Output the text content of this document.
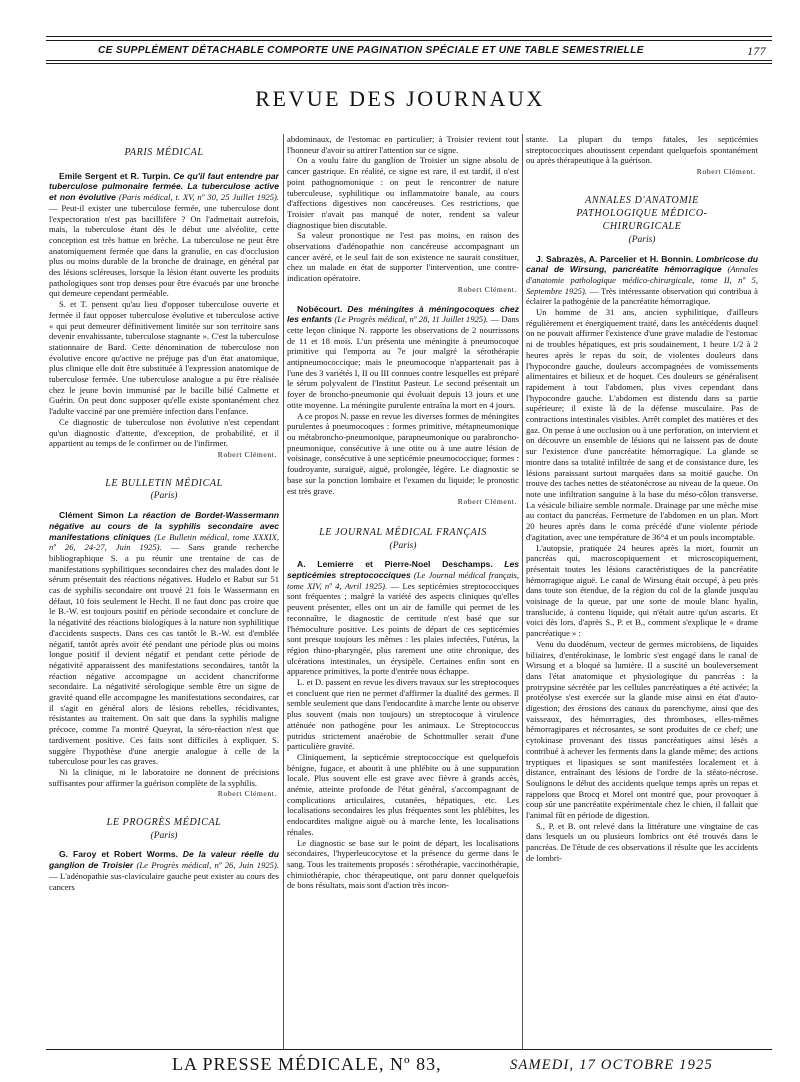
CE SUPPLÉMENT DÉTACHABLE COMPORTE UNE PAGINATION SPÉCIALE ET UNE TABLE SEMESTRIELLE	177
REVUE DES JOURNAUX
PARIS MÉDICAL

Emile Sergent et R. Turpin. Ce qu'il faut entendre par tuberculose pulmonaire fermée. La tuberculose active et non évolutive (Paris médical, t. XV, nº 30, 25 Juillet 1925). — Peut-il exister une tuberculose fermée, une tuberculose dont l'expectoration n'est pas bacillifère ? On l'admettait autrefois, mais, la tuberculose étant dès le début une alvéolite, cette conception est très battue en brèche. La tuberculose ne peut être anatomiquement fermée que dans la granulie, en cas d'occlusion plus ou moins durable de la bronche de drainage, en général par des lésions scléreuses, lorsque la lésion étant ouverte les produits pathologiques sont trop denses pour être évacués par une bronche qui demeure cependant perméable.

S. et T. pensent qu'au lieu d'opposer tuberculose ouverte et fermée il faut opposer tuberculose évolutive et tuberculose active « qui peut demeurer définitivement limitée sur son territoire sans devenir envahissante, tuberculose stagnante ». C'est la tuberculose stationnaire de Bard. Cette dénomination de tuberculose non évolutive encore qu'active ne préjuge pas d'un état anatomique, plus clinique elle doit être substituée à l'expression anatomique de tuberculose fermée. Une tuberculose analogue a pu être réalisée chez le jeune bovin immunisé par le bacille bilié Calmette et Guérin. On peut donc supposer qu'elle existe spontanément chez l'adulte vacciné par une première infection dans l'enfance.

Ce diagnostic de tuberculose non évolutive n'est cependant qu'un diagnostic d'attente, d'exception, de probabilité, et il appartient au temps de le confirmer ou de l'infirmer.

Robert Clément.

LE BULLETIN MÉDICAL
(Paris)

Clément Simon La réaction de Bordet-Wassermann négative au cours de la syphilis secondaire avec manifestations cliniques (Le Bulletin médical, tome XXXIX, nº 26, 24-27, Juin 1925). — Sans grande recherche bibliographique S. a pu réunir une trentaine de cas de manifestations syphilitiques secondaires chez des malades dont le sérum présentait des réactions négatives. Hudelo et Rabut sur 51 cas de syphilis secondaire ont trouvé 21 fois le Wassermann en défaut, 10 fois seulement le Hecht. Il ne faut donc pas croire que le B.-W. est toujours positif en période secondaire et conclure de la négativité des réactions biologiques à la nature non syphilitique d'accidents suspects. Dans ces cas tantôt le B.-W. est d'emblée négatif, tantôt après avoir été pendant une période plus ou moins longue positif il devient négatif et pendant cette période de négativité apparaissent des manifestations secondaires, tantôt la réaction négative accompagne un accident chancriforme secondaire. La négativité sérologique semble être un signe de gravité quand elle accompagne les manifestations secondaires, car il s'agit en général alors de lésions rebelles, récidivantes, résistantes au traitement. On sait que dans la syphilis maligne précoce, comme l'a montré Queyrat, la séro-réaction n'est que tardivement positive. Ces faits sont difficiles à expliquer. S. suggère l'hypothèse d'une anergie analogue à celle de la tuberculose pour les cas graves.

Ni la clinique, ni le laboratoire ne donnent de précisions suffisantes pour affirmer la guérison complète de la syphilis.

Robert Clément.

LE PROGRÈS MÉDICAL
(Paris)

G. Faroy et Robert Worms. De la valeur réelle du ganglion de Troisier (Le Progrès médical, nº 26, Juin 1925). — L'adénopathie sus-claviculaire gauche peut exister au cours des cancers

abdominaux, de l'estomac en particulier; à Troisier revient tout l'honneur d'avoir su attirer l'attention sur ce signe.

On a voulu faire du ganglion de Troisier un signe absolu de cancer gastrique. En réalité, ce signe est rare, il est tardif, il n'est point pathognomonique : on peut le rencontrer de nature tuberculeuse, syphilitique ou inflammatoire banale, au cours d'affections digestives non cancéreuses. Ces restrictions, que Troisier n'avait pas manqué de noter, rendent sa valeur diagnostique bien discutable.

Sa valeur pronostique ne l'est pas moins, en raison des observations d'adénopathie non cancéreuse accompagnant un cancer avéré, et le seul fait de son existence ne saurait constituer, chez un malade en état de supporter l'intervention, une contre-indication opératoire.

Robert Clément.

Nobécourt. Des méningites à méningocoques chez les enfants (Le Progrès médical, nº 28, 11 Juillet 1925). — Dans cette leçon clinique N. rapporte les observations de 2 nourrissons de 11 et 18 mois. L'un présenta une méningite à pneumocoque primitive qui l'emporta au 7e jour malgré la sérothérapie antipneumococcique; mais le pneumocoque n'appartenait pas à l'une des 3 variétés I, II ou III connues contre lesquelles est préparé le sérum polyvalent de l'Institut Pasteur. Le second présentait un foyer de broncho-pneumonie qui évoluait depuis 13 jours et une otite moyenne. La méningite purulente entraîna la mort en 4 jours.

A ce propos N. passe en revue les diverses formes de méningites purulentes à pneumocoques : formes primitive, métapneumonique ou métabroncho-pneumonique, parapneumonique ou parabroncho-pneumonique, consécutive à une otite ou à une autre lésion de voisinage, consécutive à une septicémie pneumococcique; formes : foudroyante, suraiguë, aiguë, prolongée, légère. Le diagnostic se base sur la ponction lombaire et l'examen du liquide; le pronostic est très grave.

Robert Clément.

LE JOURNAL MÉDICAL FRANÇAIS
(Paris)

A. Lemierre et Pierre-Noel Deschamps. Les septicémies streptococciques (Le Journal médical français, tome XIV, nº 4, Avril 1925). — Les septicémies streptococciques sont fréquentes ; malgré la variété des aspects cliniques qu'elles peuvent présenter, elles ont un air de famille qui permet de les reconnaître, le diagnostic de certitude n'est basé que sur l'hémoculture positive. Les points de départ de ces septicémies sont presque toujours les mêmes : les plaies infectées, l'utérus, la région rhino-pharyngée, plus rarement une otite chronique, des ulcérations intestinales, un érysipèle. Certaines enfin sont en apparence primitives, la porte d'entrée nous échappe.

L. et D. passent en revue les divers travaux sur les streptocoques et concluent que rien ne permet d'affirmer la dualité des germes. Il semble seulement que dans l'endocardite à marche lente ou observe plus souvent (mais non toujours) un streptocoque à virulence atténuée non pathogène pour les animaux. Le Streptococcus putridus strictement anaérobie de Schottmuller serait d'une particulière gravité.

Cliniquement, la septicémie streptococcique est quelquefois bénigne, fugace, et aboutit à une phlébite ou à une suppuration locale. Plus souvent elle est grave avec fièvre à grands accès, anémie, atteinte profonde de l'état général, s'accompagnant de complications articulaires, cutanées, hépatiques, etc. Les localisations secondaires les plus fréquentes sont les phlébites, les endocardites maligne aiguë ou à marche lente, les localisations rénales.

Le diagnostic se base sur le point de départ, les localisations secondaires, l'hyperleucocytose et la présence du germe dans le sang. Tous les traitements proposés : sérothérapie, vaccinothérapie, chimiothérapie, choc thérapeutique, ont paru donner quelquefois de bons résultats, mais sont d'action très incon-

stante. La plupart du temps fatales, les septicémies streptococciques aboutissent cependant quelquefois spontanément ou après thérapeutique à la guérison.

Robert Clément.

ANNALES D'ANATOMIE PATHOLOGIQUE MÉDICO-CHIRURGICALE
(Paris)

J. Sabrazès, A. Parcelier et H. Bonnin. Lombricose du canal de Wirsung, pancréatite hémorragique (Annales d'anatomie pathologique médico-chirurgicale, tome II, nº 5, Septembre 1925). — Très intéressante observation qui contribua à éclairer la pathogénie de la pancréatite hémorragique.

Un homme de 31 ans, ancien syphilitique, d'ailleurs régulièrement et énergiquement traité, dans les antécédents duquel on ne pouvait affirmer l'existence d'une grave maladie de l'estomac ni de troubles hépatiques, est pris soudainement, 1 heure 1/2 à 2 heures après le repas du soir, de violentes douleurs dans l'hypocondre gauche, douleurs accompagnées de vomissements alimentaires et bilieux et de hoquet. Ces douleurs se généralisent rapidement à tout l'abdomen, plus vives cependant dans l'hypocondre gauche. L'abdomen est distendu dans sa partie supérieure; il existe là de la défense musculaire. Pas de contractions intestinales visibles. Arrêt complet des matières et des gaz. On pense à une occlusion ou à une perforation, on intervient et on découvre un ensemble de lésions qui ne laissent pas de doute sur l'existence d'une pancréatite hémorragique. La glande se montre dans sa totalité infiltrée de sang et de consistance dure, les lésions paraissant surtout marquées dans sa moitié gauche. On trouve des taches nettes de stéatonécrose au niveau de la queue. On note une infiltration sanguine à la base du méso-côlon transverse. La vésicule biliaire semble normale. Drainage par une mèche mise au contact du pancréas. Fermeture de l'abdomen en un plan. Mort 20 heures après dans le coma précédé d'une violente période d'agitation, avec une température de 36°4 et un pouls incomptable.

L'autopsie, pratiquée 24 heures après la mort, fournit un pancréas qui, macroscopiquement et microscopiquement, présentait toutes les lésions caractéristiques de la pancréatite hémorragique aiguë. Le canal de Wirsung était occupé, à peu près dans toute son étendue, de la région du col de la glande jusqu'au voisinage de la queue, par une sorte de moule blanc hyalin, translucide, à contenu liquide, qui n'était autre qu'un ascaris. Et voici dès lors, d'après S., P. et B., comment s'explique le « drame pancréatique » :

Venu du duodénum, vecteur de germes microbiens, de liquides biliaires, d'entérokinase, le lombric s'est engagé dans le canal de Wirsung et a bloqué sa lumière. Il a suscité un bouleversement dans l'état anatomique et physiologique du pancréas : la protrypsine sécrétée par les cellules pancréatiques a été activée; la protéolyse s'est exercée sur la glande mise ainsi en état d'auto-digestion; des érosions des canaux du parenchyme, ainsi que des vaisseaux, des hémorragies, des thromboses, elles-mêmes hémorragipares et nécrosantes, se sont produites de ce chef; une cytokinase provenant des tissus pancréatiques ainsi lésés a contribué à achever les ferments dans la glande même; des actions tryptiques et lipasiques se sont manifestées localement et à distance, entraînant des lésions de l'ordre de la stéato-nécrose. Soulignons le début des accidents quelque temps après un repas et rappelons que Brocq et Morel ont montré que, pour provoquer à coup sûr une pancréatite expérimentale chez le chien, il fallait que l'animal fût en période de digestion.

S., P. et B. ont relevé dans la littérature une vingtaine de cas dans lesquels un ou plusieurs lombrics ont été trouvés dans le pancréas. De l'étude de ces observations il résulte que les accidents de lombri-

LA PRESSE MÉDICALE, Nº 83,	SAMEDI, 17 OCTOBRE 1925
